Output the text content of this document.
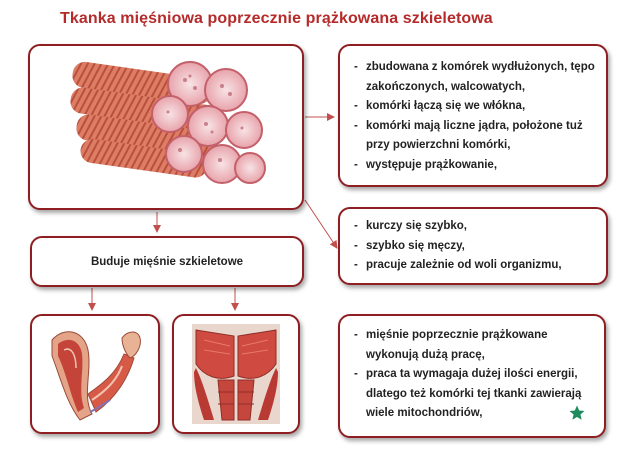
Tkanka mięśniowa poprzecznie prążkowana szkieletowa
- zbudowana z komórek wydłużonych, tępo zakończonych, walcowatych,
- komórki łączą się we włókna,
- komórki mają liczne jądra, położone tuż przy powierzchni komórki,
- występuje prążkowanie,
- kurczy się szybko,
- szybko się męczy,
- pracuje zależnie od woli organizmu,
Buduje mięśnie szkieletowe
- mięśnie poprzecznie prążkowane wykonują dużą pracę,
- praca ta wymagaja dużej ilości energii, dlatego też komórki tej tkanki zawierają wiele mitochondriów,
